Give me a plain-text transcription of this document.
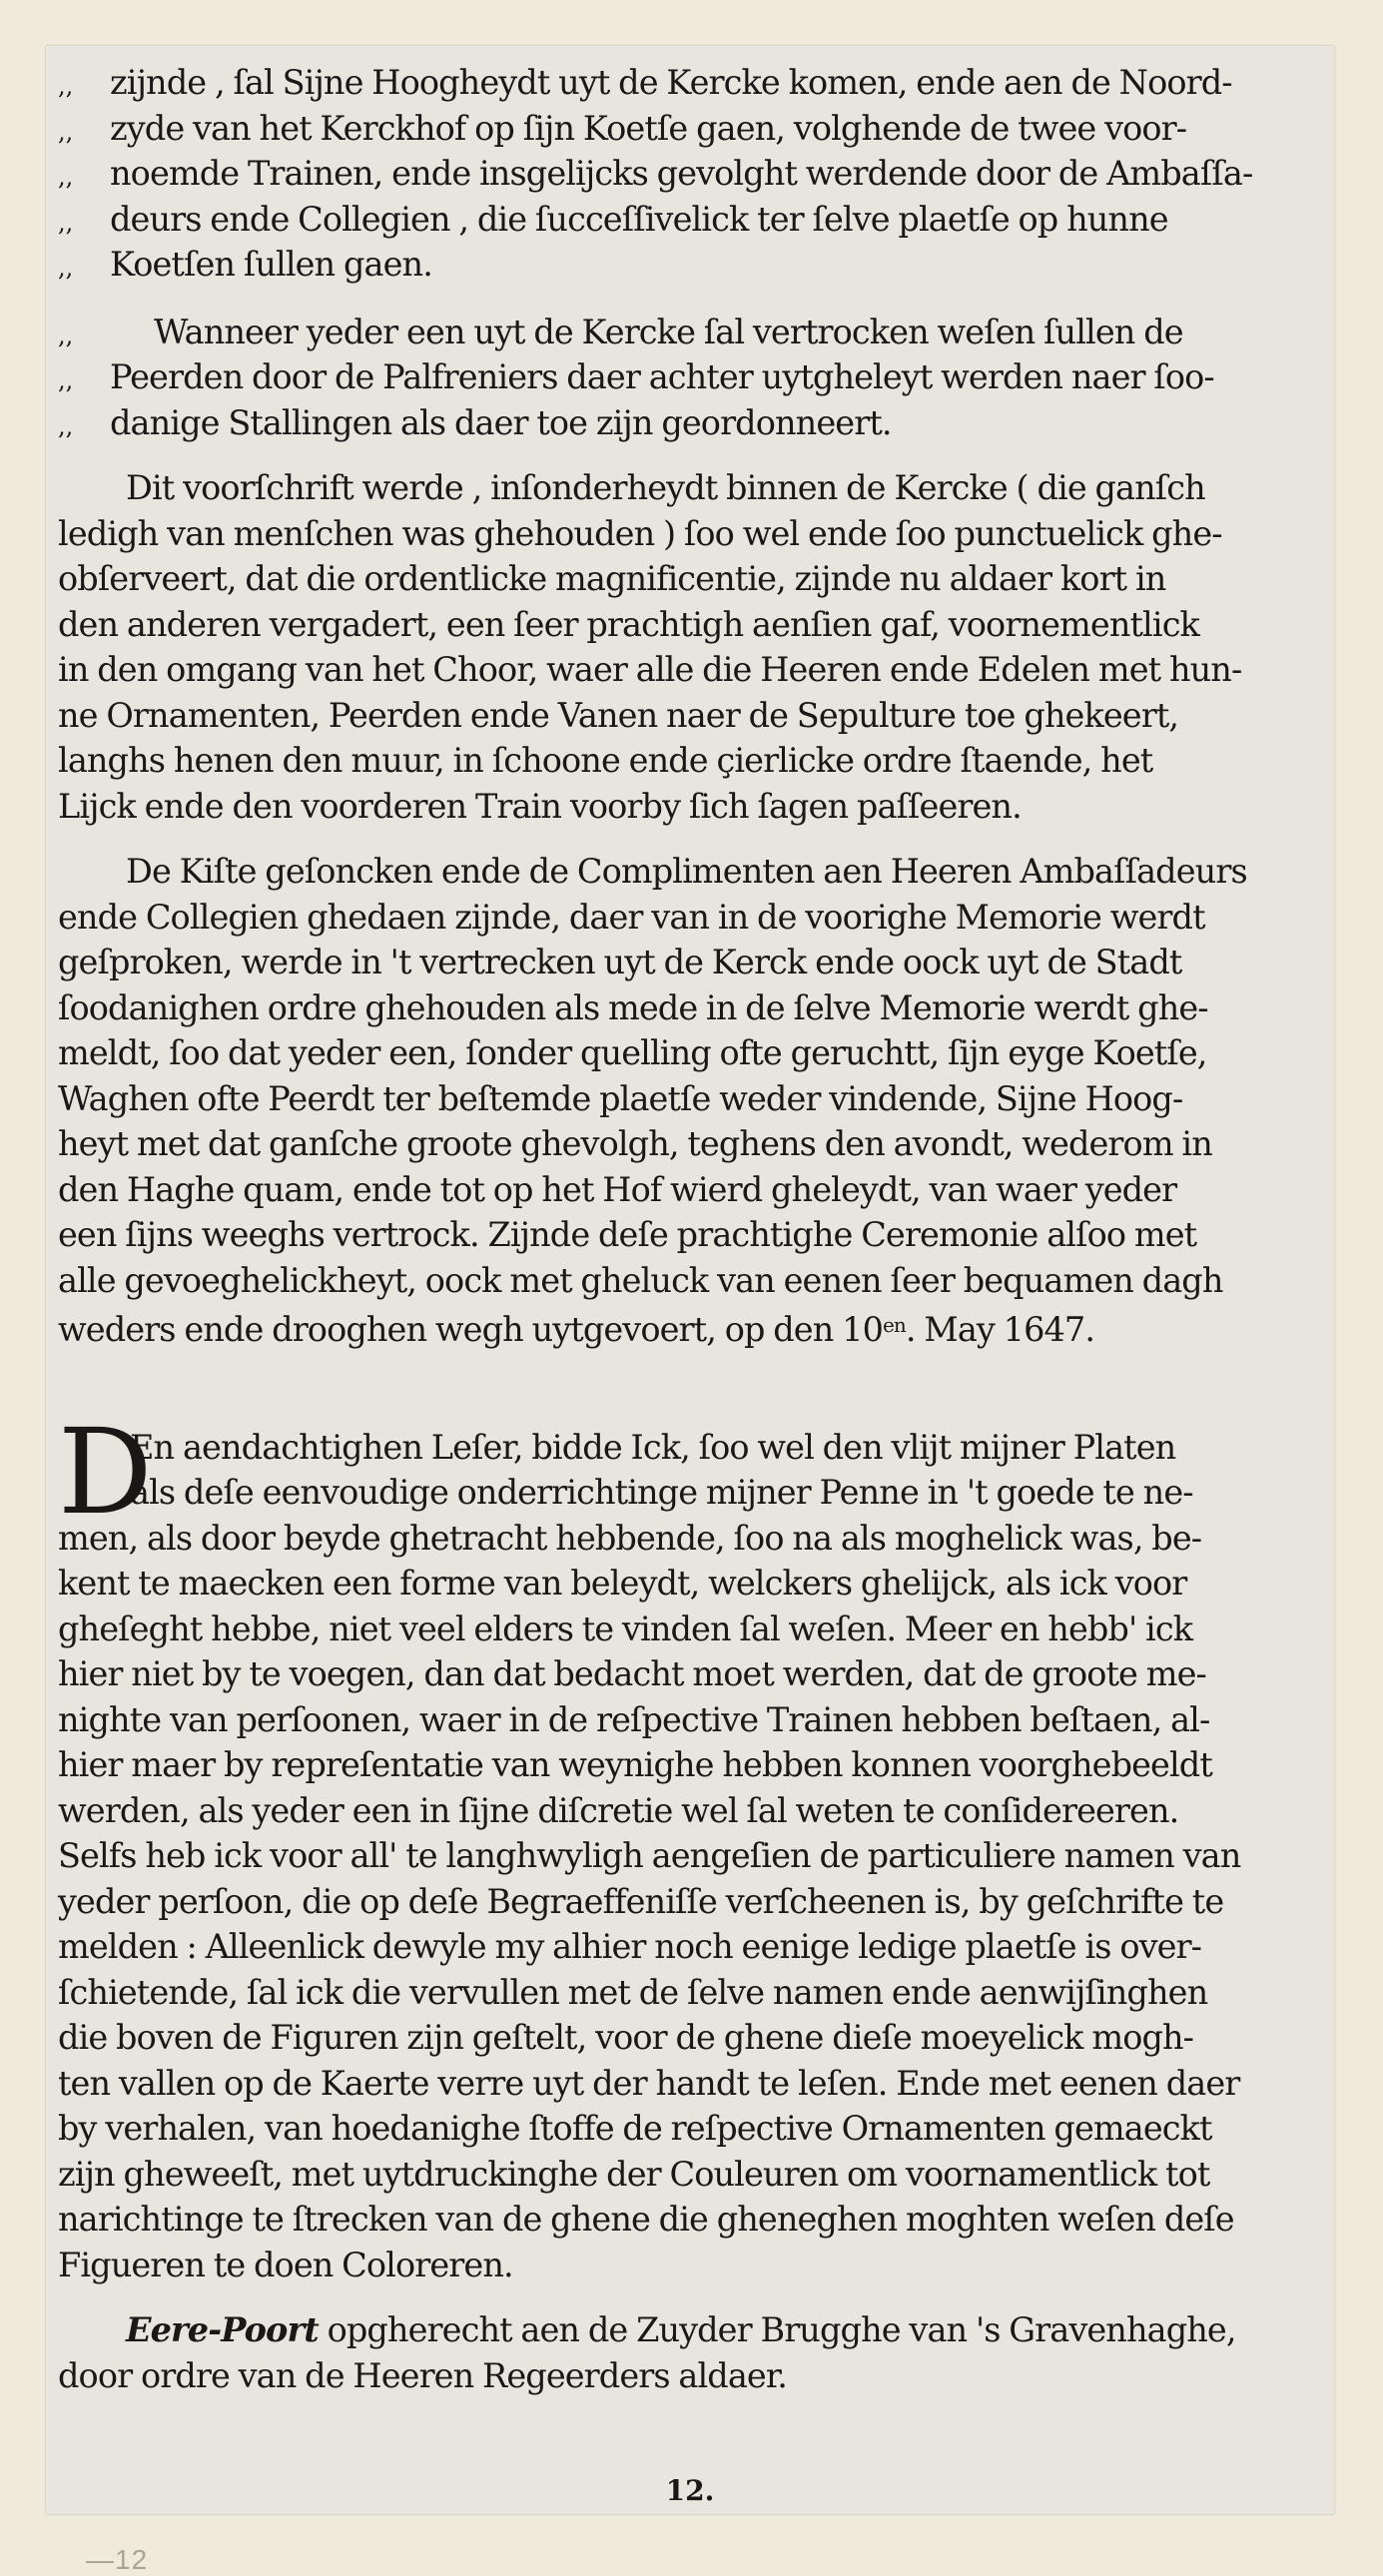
,, zijnde , ſal Sijne Hoogheydt uyt de Kercke komen, ende aen de Noord-
,, zyde van het Kerckhof op ſijn Koetſe gaen, volghende de twee voor-
,, noemde Trainen, ende insgelijcks gevolght werdende door de Ambaſſa-
,, deurs ende Collegien , die ſucceſſivelick ter ſelve plaetſe op hunne
,, Koetſen ſullen gaen.
,, Wanneer yeder een uyt de Kercke ſal vertrocken weſen ſullen de
,, Peerden door de Palfreniers daer achter uytgheleyt werden naer ſoo-
,, danige Stallingen als daer toe zijn geordonneert.
Dit voorſchrift werde , inſonderheydt binnen de Kercke ( die ganſch
ledigh van menſchen was ghehouden ) ſoo wel ende ſoo punctuelick ghe-
obſerveert, dat die ordentlicke magnificentie, zijnde nu aldaer kort in
den anderen vergadert, een ſeer prachtigh aenſien gaf, voornementlick
in den omgang van het Choor, waer alle die Heeren ende Edelen met hun-
ne Ornamenten, Peerden ende Vanen naer de Sepulture toe ghekeert,
langhs henen den muur, in ſchoone ende çierlicke ordre ſtaende, het
Lijck ende den voorderen Train voorby ſich ſagen paſſeeren.
De Kiſte geſoncken ende de Complimenten aen Heeren Ambaſſadeurs
ende Collegien ghedaen zijnde, daer van in de voorighe Memorie werdt
geſproken, werde in 't vertrecken uyt de Kerck ende oock uyt de Stadt
ſoodanighen ordre ghehouden als mede in de ſelve Memorie werdt ghe-
meldt, ſoo dat yeder een, ſonder quelling ofte geruchtt, ſijn eyge Koetſe,
Waghen ofte Peerdt ter beſtemde plaetſe weder vindende, Sijne Hoog-
heyt met dat ganſche groote ghevolgh, teghens den avondt, wederom in
den Haghe quam, ende tot op het Hof wierd gheleydt, van waer yeder
een ſijns weeghs vertrock. Zijnde deſe prachtighe Ceremonie alſoo met
alle gevoeghelickheyt, oock met gheluck van eenen ſeer bequamen dagh
weders ende drooghen wegh uytgevoert, op den $10^{en}$. May 1647.
D
En aendachtighen Leſer, bidde Ick, ſoo wel den vlijt mijner Platen
als deſe eenvoudige onderrichtinge mijner Penne in 't goede te ne-
men, als door beyde ghetracht hebbende, ſoo na als moghelick was, be-
kent te maecken een forme van beleydt, welckers ghelijck, als ick voor
gheſeght hebbe, niet veel elders te vinden ſal weſen. Meer en hebb' ick
hier niet by te voegen, dan dat bedacht moet werden, dat de groote me-
nighte van perſoonen, waer in de reſpective Trainen hebben beſtaen, al-
hier maer by repreſentatie van weynighe hebben konnen voorghebeeldt
werden, als yeder een in ſijne diſcretie wel ſal weten te conſidereeren.
Selfs heb ick voor all' te langhwyligh aengeſien de particuliere namen van
yeder perſoon, die op deſe Begraeffeniſſe verſcheenen is, by geſchrifte te
melden : Alleenlick dewyle my alhier noch eenige ledige plaetſe is over-
ſchietende, ſal ick die vervullen met de ſelve namen ende aenwijſinghen
die boven de Figuren zijn geſtelt, voor de ghene dieſe moeyelick mogh-
ten vallen op de Kaerte verre uyt der handt te leſen. Ende met eenen daer
by verhalen, van hoedanighe ſtoffe de reſpective Ornamenten gemaeckt
zijn gheweeſt, met uytdruckinghe der Couleuren om voornamentlick tot
narichtinge te ſtrecken van de ghene die gheneghen moghten weſen deſe
Figueren te doen Coloreren.
Eere-Poort opgherecht aen de Zuyder Brugghe van 's Gravenhaghe,
door ordre van de Heeren Regeerders aldaer.
12.
—12
